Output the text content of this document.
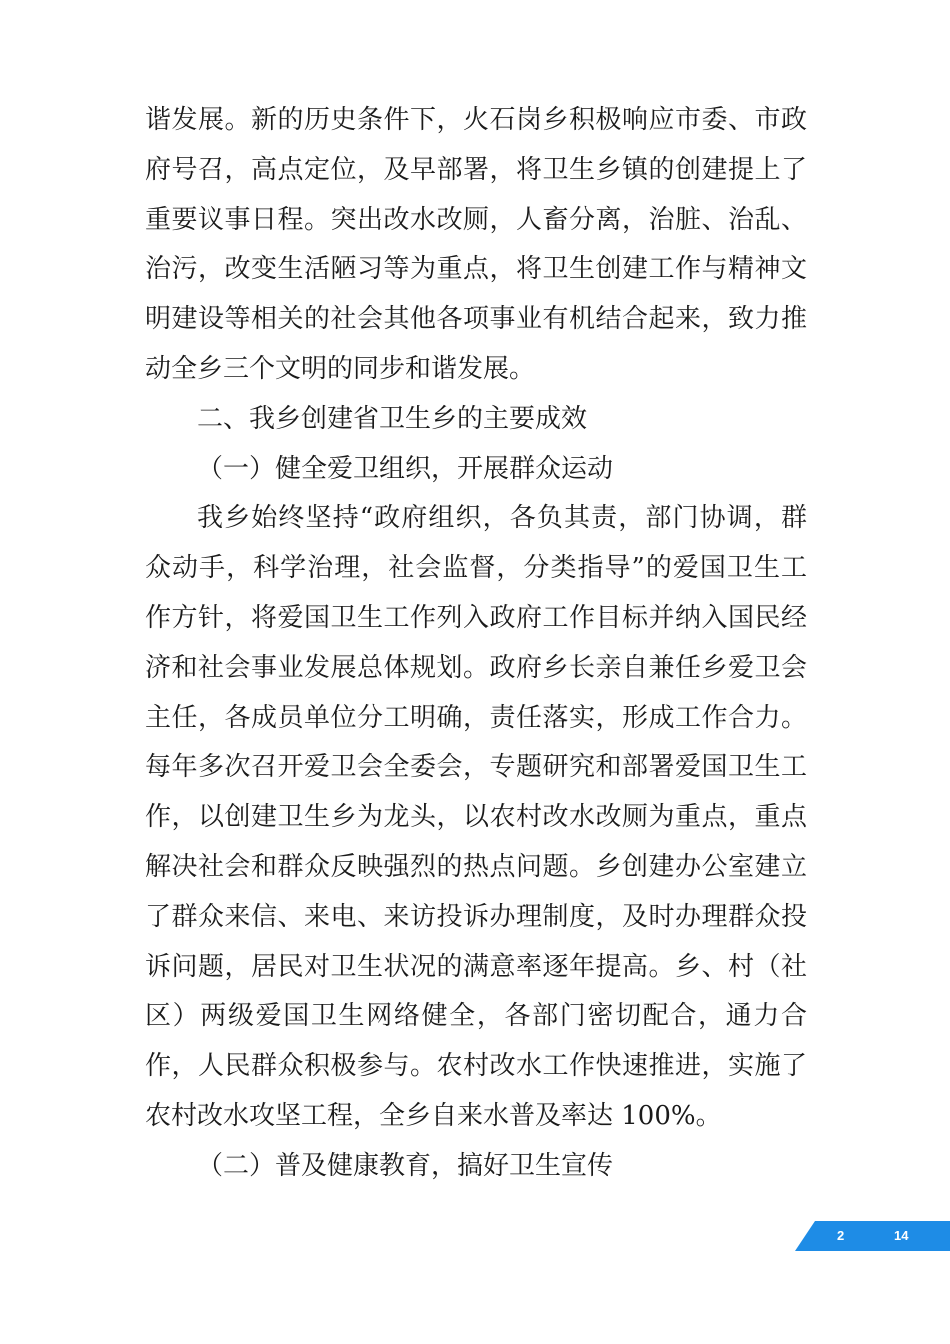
谐发展。新的历史条件下，火石岗乡积极响应市委、市政府号召，高点定位，及早部署，将卫生乡镇的创建提上了重要议事日程。突出改水改厕，人畜分离，治脏、治乱、治污，改变生活陋习等为重点，将卫生创建工作与精神文明建设等相关的社会其他各项事业有机结合起来，致力推动全乡三个文明的同步和谐发展。

二、我乡创建省卫生乡的主要成效

（一）健全爱卫组织，开展群众运动

我乡始终坚持“政府组织，各负其责，部门协调，群众动手，科学治理，社会监督，分类指导”的爱国卫生工作方针，将爱国卫生工作列入政府工作目标并纳入国民经济和社会事业发展总体规划。政府乡长亲自兼任乡爱卫会主任，各成员单位分工明确，责任落实，形成工作合力。每年多次召开爱卫会全委会，专题研究和部署爱国卫生工作，以创建卫生乡为龙头，以农村改水改厕为重点，重点解决社会和群众反映强烈的热点问题。乡创建办公室建立了群众来信、来电、来访投诉办理制度，及时办理群众投诉问题，居民对卫生状况的满意率逐年提高。乡、村（社区）两级爱国卫生网络健全，各部门密切配合，通力合作，人民群众积极参与。农村改水工作快速推进，实施了农村改水攻坚工程，全乡自来水普及率达 100%。

（二）普及健康教育，搞好卫生宣传

2	14
